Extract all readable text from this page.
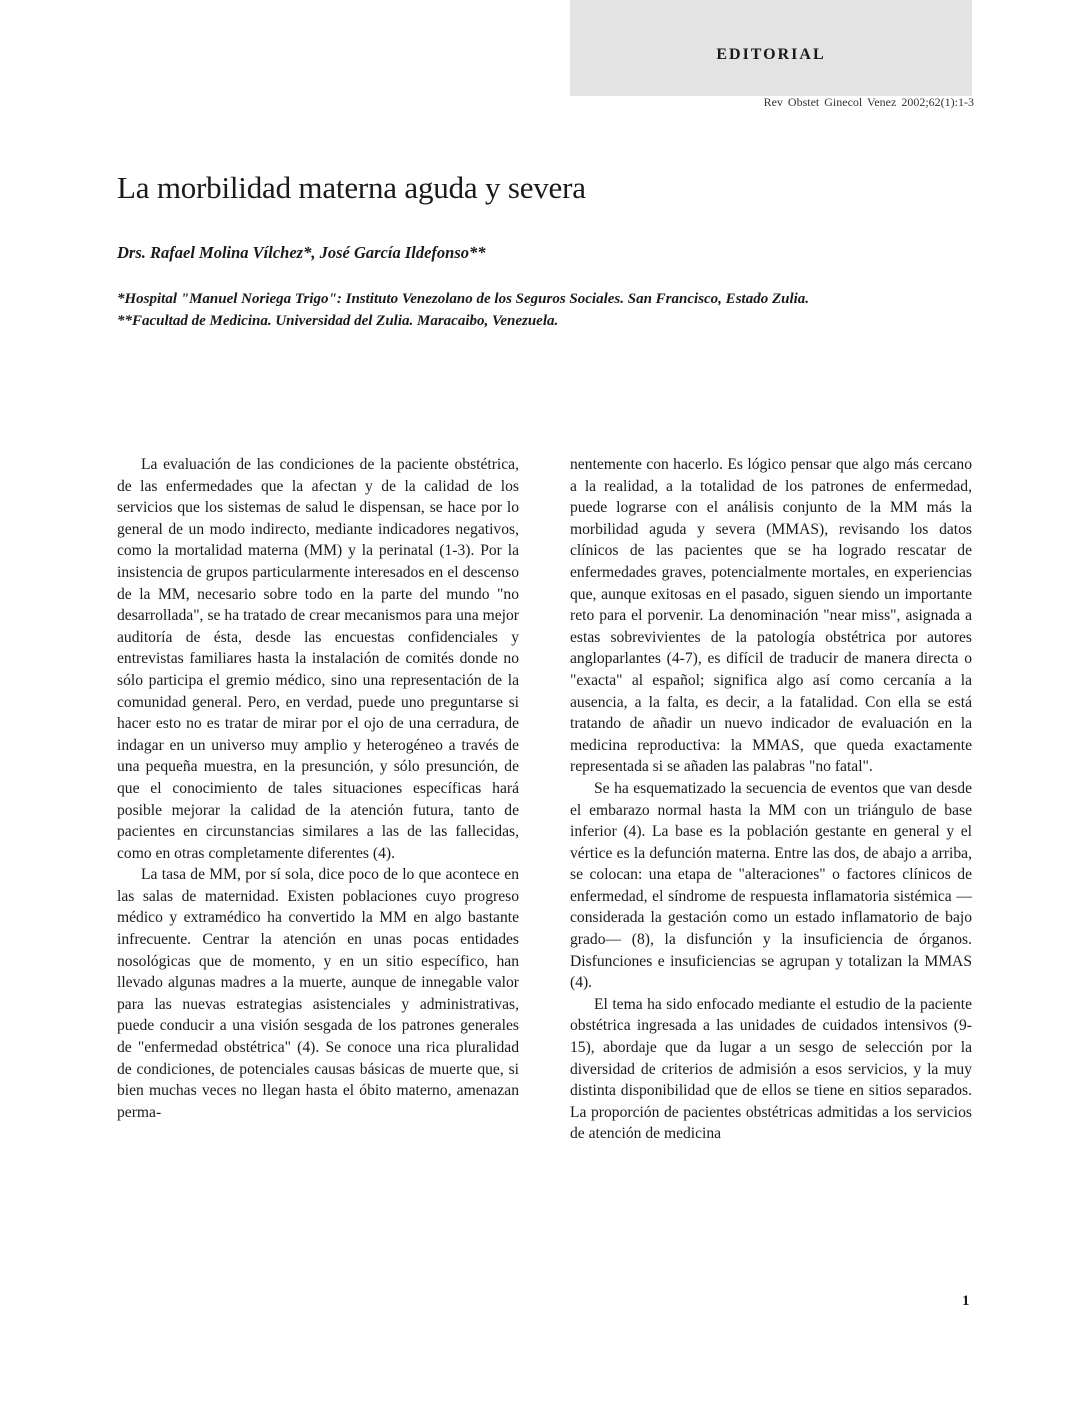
EDITORIAL
Rev Obstet Ginecol Venez 2002;62(1):1-3
La morbilidad materna aguda y severa
Drs. Rafael Molina Vílchez*, José García Ildefonso**
*Hospital "Manuel Noriega Trigo": Instituto Venezolano de los Seguros Sociales. San Francisco, Estado Zulia.
**Facultad de Medicina. Universidad del Zulia. Maracaibo, Venezuela.

La evaluación de las condiciones de la paciente obstétrica, de las enfermedades que la afectan y de la calidad de los servicios que los sistemas de salud le dispensan, se hace por lo general de un modo indirecto, mediante indicadores negativos, como la mortalidad materna (MM) y la perinatal (1-3). Por la insistencia de grupos particularmente interesados en el descenso de la MM, necesario sobre todo en la parte del mundo "no desarrollada", se ha tratado de crear mecanismos para una mejor auditoría de ésta, desde las encuestas confidenciales y entrevistas familiares hasta la instalación de comités donde no sólo participa el gremio médico, sino una representación de la comunidad general. Pero, en verdad, puede uno preguntarse si hacer esto no es tratar de mirar por el ojo de una cerradura, de indagar en un universo muy amplio y heterogéneo a través de una pequeña muestra, en la presunción, y sólo presunción, de que el conocimiento de tales situaciones específicas hará posible mejorar la calidad de la atención futura, tanto de pacientes en circunstancias similares a las de las fallecidas, como en otras completamente diferentes (4).

La tasa de MM, por sí sola, dice poco de lo que acontece en las salas de maternidad. Existen poblaciones cuyo progreso médico y extramédico ha convertido la MM en algo bastante infrecuente. Centrar la atención en unas pocas entidades nosológicas que de momento, y en un sitio específico, han llevado algunas madres a la muerte, aunque de innegable valor para las nuevas estrategias asistenciales y administrativas, puede conducir a una visión sesgada de los patrones generales de "enfermedad obstétrica" (4). Se conoce una rica pluralidad de condiciones, de potenciales causas básicas de muerte que, si bien muchas veces no llegan hasta el óbito materno, amenazan perma-

nentemente con hacerlo. Es lógico pensar que algo más cercano a la realidad, a la totalidad de los patrones de enfermedad, puede lograrse con el análisis conjunto de la MM más la morbilidad aguda y severa (MMAS), revisando los datos clínicos de las pacientes que se ha logrado rescatar de enfermedades graves, potencialmente mortales, en experiencias que, aunque exitosas en el pasado, siguen siendo un importante reto para el porvenir. La denominación "near miss", asignada a estas sobrevivientes de la patología obstétrica por autores angloparlantes (4-7), es difícil de traducir de manera directa o "exacta" al español; significa algo así como cercanía a la ausencia, a la falta, es decir, a la fatalidad. Con ella se está tratando de añadir un nuevo indicador de evaluación en la medicina reproductiva: la MMAS, que queda exactamente representada si se añaden las palabras "no fatal".

Se ha esquematizado la secuencia de eventos que van desde el embarazo normal hasta la MM con un triángulo de base inferior (4). La base es la población gestante en general y el vértice es la defunción materna. Entre las dos, de abajo a arriba, se colocan: una etapa de "alteraciones" o factores clínicos de enfermedad, el síndrome de respuesta inflamatoria sistémica —considerada la gestación como un estado inflamatorio de bajo grado— (8), la disfunción y la insuficiencia de órganos. Disfunciones e insuficiencias se agrupan y totalizan la MMAS (4).

El tema ha sido enfocado mediante el estudio de la paciente obstétrica ingresada a las unidades de cuidados intensivos (9-15), abordaje que da lugar a un sesgo de selección por la diversidad de criterios de admisión a esos servicios, y la muy distinta disponibilidad que de ellos se tiene en sitios separados. La proporción de pacientes obstétricas admitidas a los servicios de atención de medicina

1
